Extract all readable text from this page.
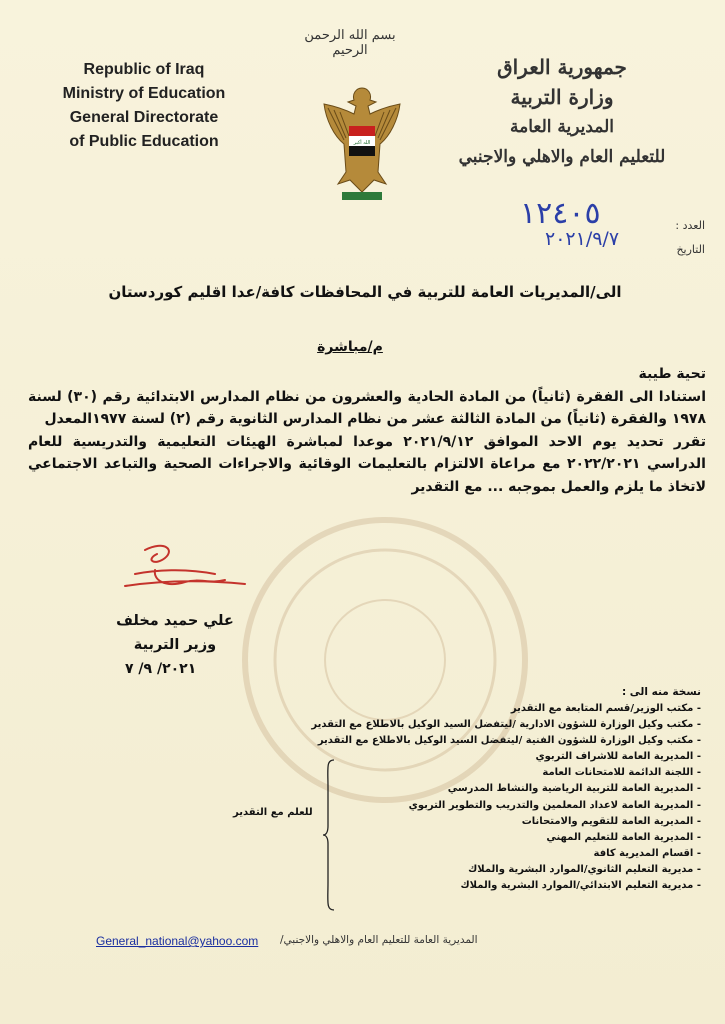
بسم الله الرحمن الرحيم
Republic of Iraq
Ministry of Education
General Directorate
of Public Education	الله أكبر
جمهورية العراق
وزارة التربية
المديرية العامة
للتعليم العام والاهلي والاجنبي
العدد :
١٢٤٠٥
التاريخ
٢٠٢١/٩/٧
الى/المديريات العامة للتربية في المحافظات كافة/عدا اقليم كوردستان
م/مباشرة
تحية طيبة
استنادا الى الفقرة (ثانياً) من المادة الحادية والعشرون من نظام المدارس الابتدائية رقم (٣٠) لسنة ١٩٧٨ والفقرة (ثانياً) من المادة الثالثة عشر من نظام المدارس الثانوية رقم (٢) لسنة ١٩٧٧المعدل
تقرر تحديد يوم الاحد الموافق ٢٠٢١/٩/١٢ موعدا لمباشرة الهيئات التعليمية والتدريسية للعام الدراسي ٢٠٢٢/٢٠٢١ مع مراعاة الالتزام بالتعليمات الوقائية والاجراءات الصحية والتباعد الاجتماعي لاتخاذ ما يلزم والعمل بموجبه ... مع التقدير
علي حميد مخلف
وزير التربية
٢٠٢١/ ٩/ ٧
نسخة منه الى :
- مكتب الوزير/قسم المتابعة مع التقدير
- مكتب وكيل الوزارة للشؤون الادارية /ليتفضل السيد الوكيل بالاطلاع مع التقدير
- مكتب وكيل الوزارة للشؤون الفنية /ليتفضل السيد الوكيل بالاطلاع مع التقدير
- المديرية العامة للاشراف التربوي
- اللجنة الدائمة للامتحانات العامة
- المديرية العامة للتربية الرياضية والنشاط المدرسي
- المديرية العامة لاعداد المعلمين والتدريب والتطوير التربوي
- المديرية العامة للتقويم والامتحانات
- المديرية العامة للتعليم المهني
- اقسام المديرية كافة
- مديرية التعليم الثانوي/الموارد البشرية والملاك
- مديرية التعليم الابتدائي/الموارد البشرية والملاك
للعلم مع التقدير
General_national@yahoo.com المديرية العامة للتعليم العام والاهلي والاجنبي/
